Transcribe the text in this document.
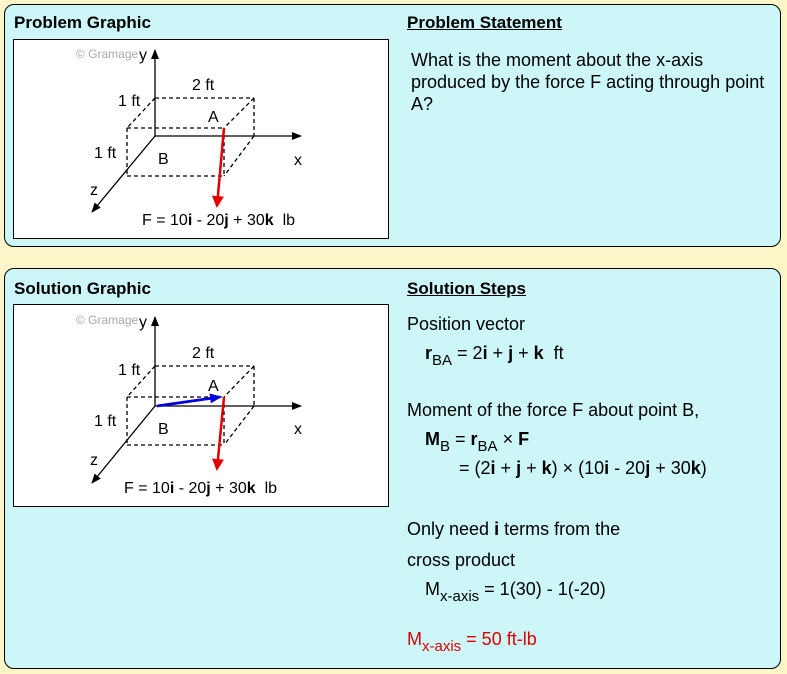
Problem Graphic	Problem Statement
What is the moment about the x-axis produced by the force F acting through point A?
© Gramage y
x
z
2 ft
1 ft
1 ft
A
B
F = 10i - 20j + 30k  lb
Solution Graphic	Solution Steps
© Gramage y
x
z
2 ft
1 ft
1 ft
A
B
F = 10i - 20j + 30k  lb
Position vector
$r_{BA} = 2i + j + k$  ft
Moment of the force F about point B,
$M_B = r_{BA} \times F$
= (2i + j + k) × (10i - 20j + 30k)
Only need i terms from the
cross product
$M_{x-axis} = 1(30) - 1(-20)$
$M_{x-axis} = 50$ ft-lb
